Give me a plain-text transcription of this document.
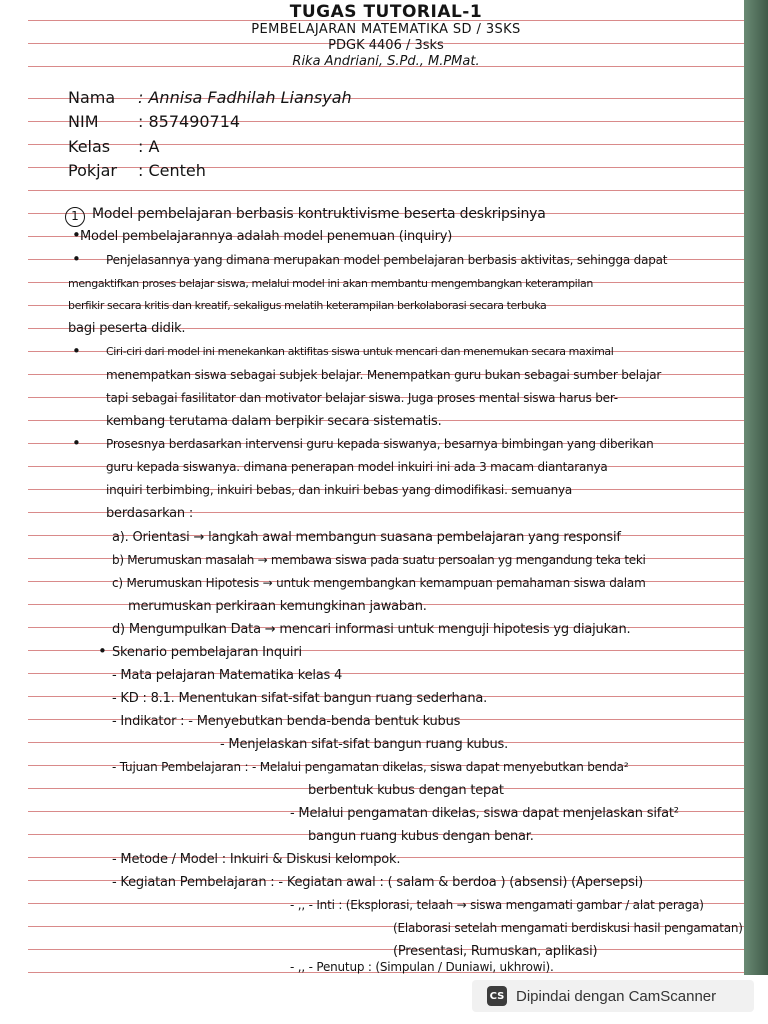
TUGAS TUTORIAL-1
PEMBELAJARAN MATEMATIKA SD / 3SKS
PDGK 4406 / 3sks
Rika Andriani, S.Pd., M.PMat.
Nama : Annisa Fadhilah Liansyah
NIM : 857490714
Kelas : A
Pokjar : Centeh
1 Model pembelajaran berbasis kontruktivisme beserta deskripsinya
• Model pembelajarannya adalah model penemuan (inquiry)
• Penjelasannya yang dimana merupakan model pembelajaran berbasis aktivitas, sehingga dapat
mengaktifkan proses belajar siswa, melalui model ini akan membantu mengembangkan keterampilan
berfikir secara kritis dan kreatif, sekaligus melatih keterampilan berkolaborasi secara terbuka
bagi peserta didik.
• Ciri-ciri dari model ini menekankan aktifitas siswa untuk mencari dan menemukan secara maximal
menempatkan siswa sebagai subjek belajar. Menempatkan guru bukan sebagai sumber belajar
tapi sebagai fasilitator dan motivator belajar siswa. Juga proses mental siswa harus ber-
kembang terutama dalam berpikir secara sistematis.
• Prosesnya berdasarkan intervensi guru kepada siswanya, besarnya bimbingan yang diberikan
guru kepada siswanya. dimana penerapan model inkuiri ini ada 3 macam diantaranya
inquiri terbimbing, inkuiri bebas, dan inkuiri bebas yang dimodifikasi. semuanya
berdasarkan :
a). Orientasi → langkah awal membangun suasana pembelajaran yang responsif
b) Merumuskan masalah → membawa siswa pada suatu persoalan yg mengandung teka teki
c) Merumuskan Hipotesis → untuk mengembangkan kemampuan pemahaman siswa dalam
merumuskan perkiraan kemungkinan jawaban.
d) Mengumpulkan Data → mencari informasi untuk menguji hipotesis yg diajukan.
• Skenario pembelajaran Inquiri
- Mata pelajaran Matematika kelas 4
- KD : 8.1. Menentukan sifat-sifat bangun ruang sederhana.
- Indikator : - Menyebutkan benda-benda bentuk kubus
- Menjelaskan sifat-sifat bangun ruang kubus.
- Tujuan Pembelajaran : - Melalui pengamatan dikelas, siswa dapat menyebutkan benda²
berbentuk kubus dengan tepat
- Melalui pengamatan dikelas, siswa dapat menjelaskan sifat²
bangun ruang kubus dengan benar.
- Metode / Model : Inkuiri & Diskusi kelompok.
- Kegiatan Pembelajaran : - Kegiatan awal : ( salam & berdoa ) (absensi) (Apersepsi)
- ,, - Inti : (Eksplorasi, telaah → siswa mengamati gambar / alat peraga)
(Elaborasi setelah mengamati berdiskusi hasil pengamatan)
(Presentasi, Rumuskan, aplikasi)
- ,, - Penutup : (Simpulan / Duniawi, ukhrowi).
CS Dipindai dengan CamScanner
